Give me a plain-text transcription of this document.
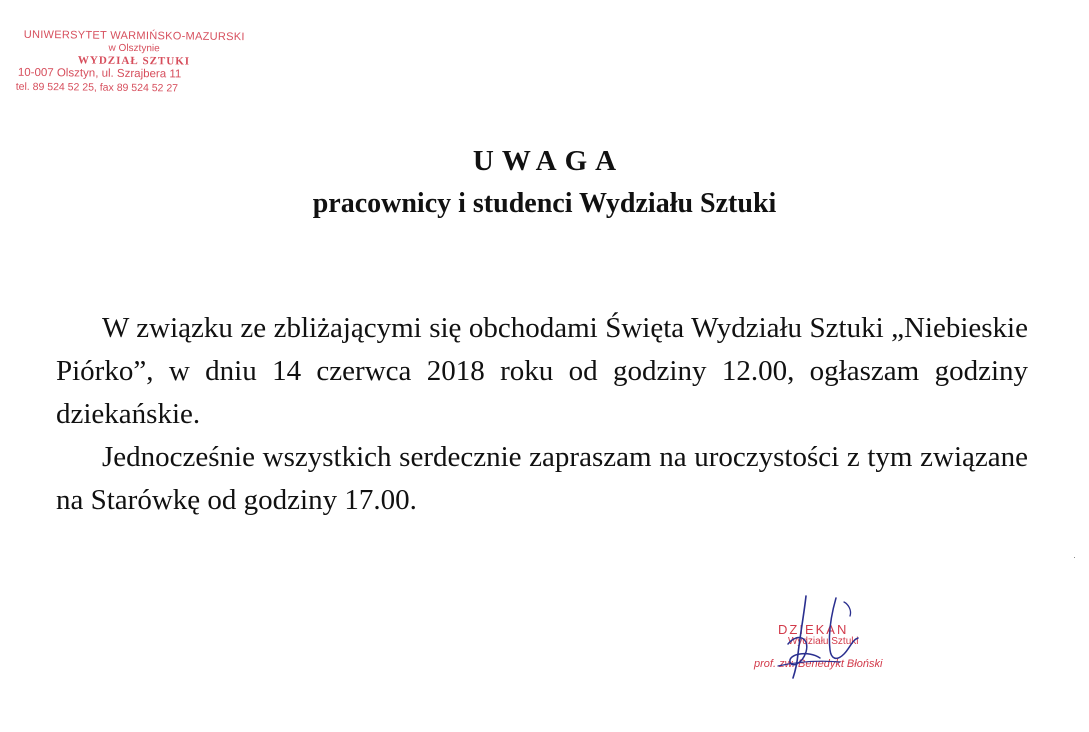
UNIWERSYTET WARMIŃSKO-MAZURSKI
w Olsztynie
WYDZIAŁ SZTUKI
10-007 Olsztyn, ul. Szrajbera 11
tel. 89 524 52 25, fax 89 524 52 27
UWAGA
pracownicy i studenci Wydziału Sztuki

W związku ze zbliżającymi się obchodami Święta Wydziału Sztuki „Niebieskie Piórko”, w dniu 14 czerwca 2018 roku od godziny 12.00, ogłaszam godziny dziekańskie.

Jednocześnie wszystkich serdecznie zapraszam na uroczystości z tym związane na Starówkę od godziny 17.00.

DZIEKAN
Wydziału Sztuki
prof. zw. Benedykt Błoński
·
